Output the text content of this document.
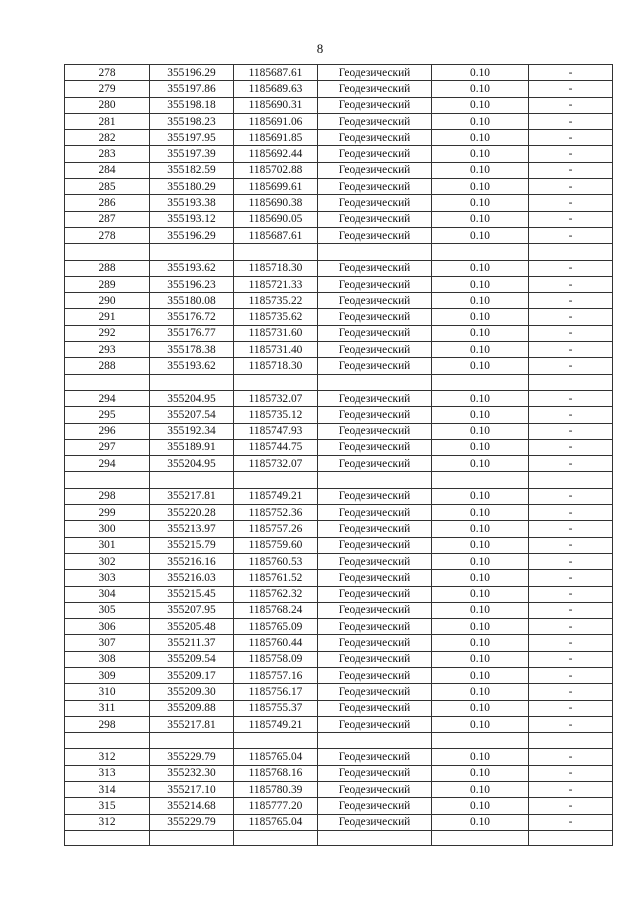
8
278	355196.29	1185687.61	Геодезический	0.10	-
279	355197.86	1185689.63	Геодезический	0.10	-
280	355198.18	1185690.31	Геодезический	0.10	-
281	355198.23	1185691.06	Геодезический	0.10	-
282	355197.95	1185691.85	Геодезический	0.10	-
283	355197.39	1185692.44	Геодезический	0.10	-
284	355182.59	1185702.88	Геодезический	0.10	-
285	355180.29	1185699.61	Геодезический	0.10	-
286	355193.38	1185690.38	Геодезический	0.10	-
287	355193.12	1185690.05	Геодезический	0.10	-
278	355196.29	1185687.61	Геодезический	0.10	-

288	355193.62	1185718.30	Геодезический	0.10	-
289	355196.23	1185721.33	Геодезический	0.10	-
290	355180.08	1185735.22	Геодезический	0.10	-
291	355176.72	1185735.62	Геодезический	0.10	-
292	355176.77	1185731.60	Геодезический	0.10	-
293	355178.38	1185731.40	Геодезический	0.10	-
288	355193.62	1185718.30	Геодезический	0.10	-

294	355204.95	1185732.07	Геодезический	0.10	-
295	355207.54	1185735.12	Геодезический	0.10	-
296	355192.34	1185747.93	Геодезический	0.10	-
297	355189.91	1185744.75	Геодезический	0.10	-
294	355204.95	1185732.07	Геодезический	0.10	-

298	355217.81	1185749.21	Геодезический	0.10	-
299	355220.28	1185752.36	Геодезический	0.10	-
300	355213.97	1185757.26	Геодезический	0.10	-
301	355215.79	1185759.60	Геодезический	0.10	-
302	355216.16	1185760.53	Геодезический	0.10	-
303	355216.03	1185761.52	Геодезический	0.10	-
304	355215.45	1185762.32	Геодезический	0.10	-
305	355207.95	1185768.24	Геодезический	0.10	-
306	355205.48	1185765.09	Геодезический	0.10	-
307	355211.37	1185760.44	Геодезический	0.10	-
308	355209.54	1185758.09	Геодезический	0.10	-
309	355209.17	1185757.16	Геодезический	0.10	-
310	355209.30	1185756.17	Геодезический	0.10	-
311	355209.88	1185755.37	Геодезический	0.10	-
298	355217.81	1185749.21	Геодезический	0.10	-

312	355229.79	1185765.04	Геодезический	0.10	-
313	355232.30	1185768.16	Геодезический	0.10	-
314	355217.10	1185780.39	Геодезический	0.10	-
315	355214.68	1185777.20	Геодезический	0.10	-
312	355229.79	1185765.04	Геодезический	0.10	-
